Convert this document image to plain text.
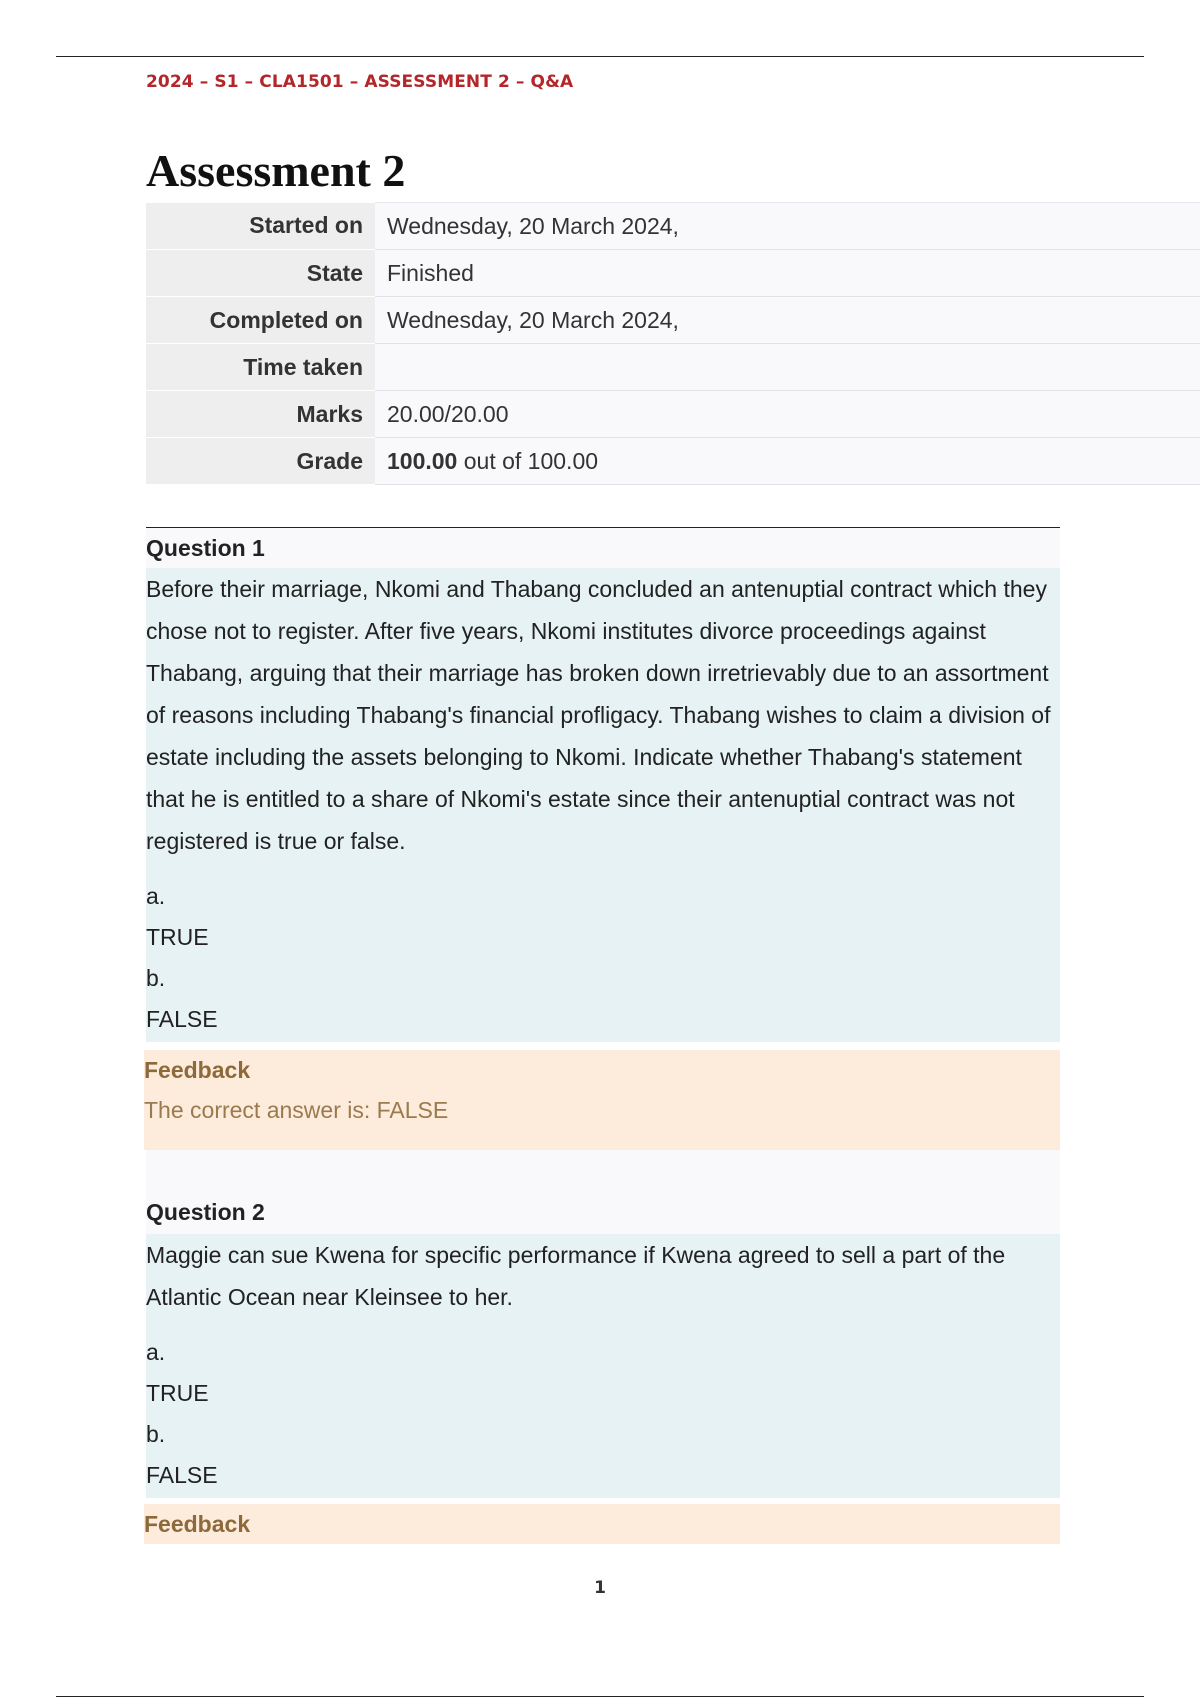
2024 – S1 – CLA1501 – ASSESSMENT 2 – Q&A
Assessment 2
Started on	Wednesday, 20 March 2024,
State	Finished
Completed on	Wednesday, 20 March 2024,
Time taken	
Marks	20.00/20.00
Grade	100.00 out of 100.00
Question 1

Before their marriage, Nkomi and Thabang concluded an antenuptial contract which they chose not to register. After five years, Nkomi institutes divorce proceedings against Thabang, arguing that their marriage has broken down irretrievably due to an assortment of reasons including Thabang's financial profligacy. Thabang wishes to claim a division of estate including the assets belonging to Nkomi. Indicate whether Thabang's statement that he is entitled to a share of Nkomi's estate since their antenuptial contract was not registered is true or false.

a.
TRUE
b.
FALSE
Feedback
The correct answer is: FALSE
Question 2

Maggie can sue Kwena for specific performance if Kwena agreed to sell a part of the Atlantic Ocean near Kleinsee to her.

a.
TRUE
b.
FALSE
Feedback
1
